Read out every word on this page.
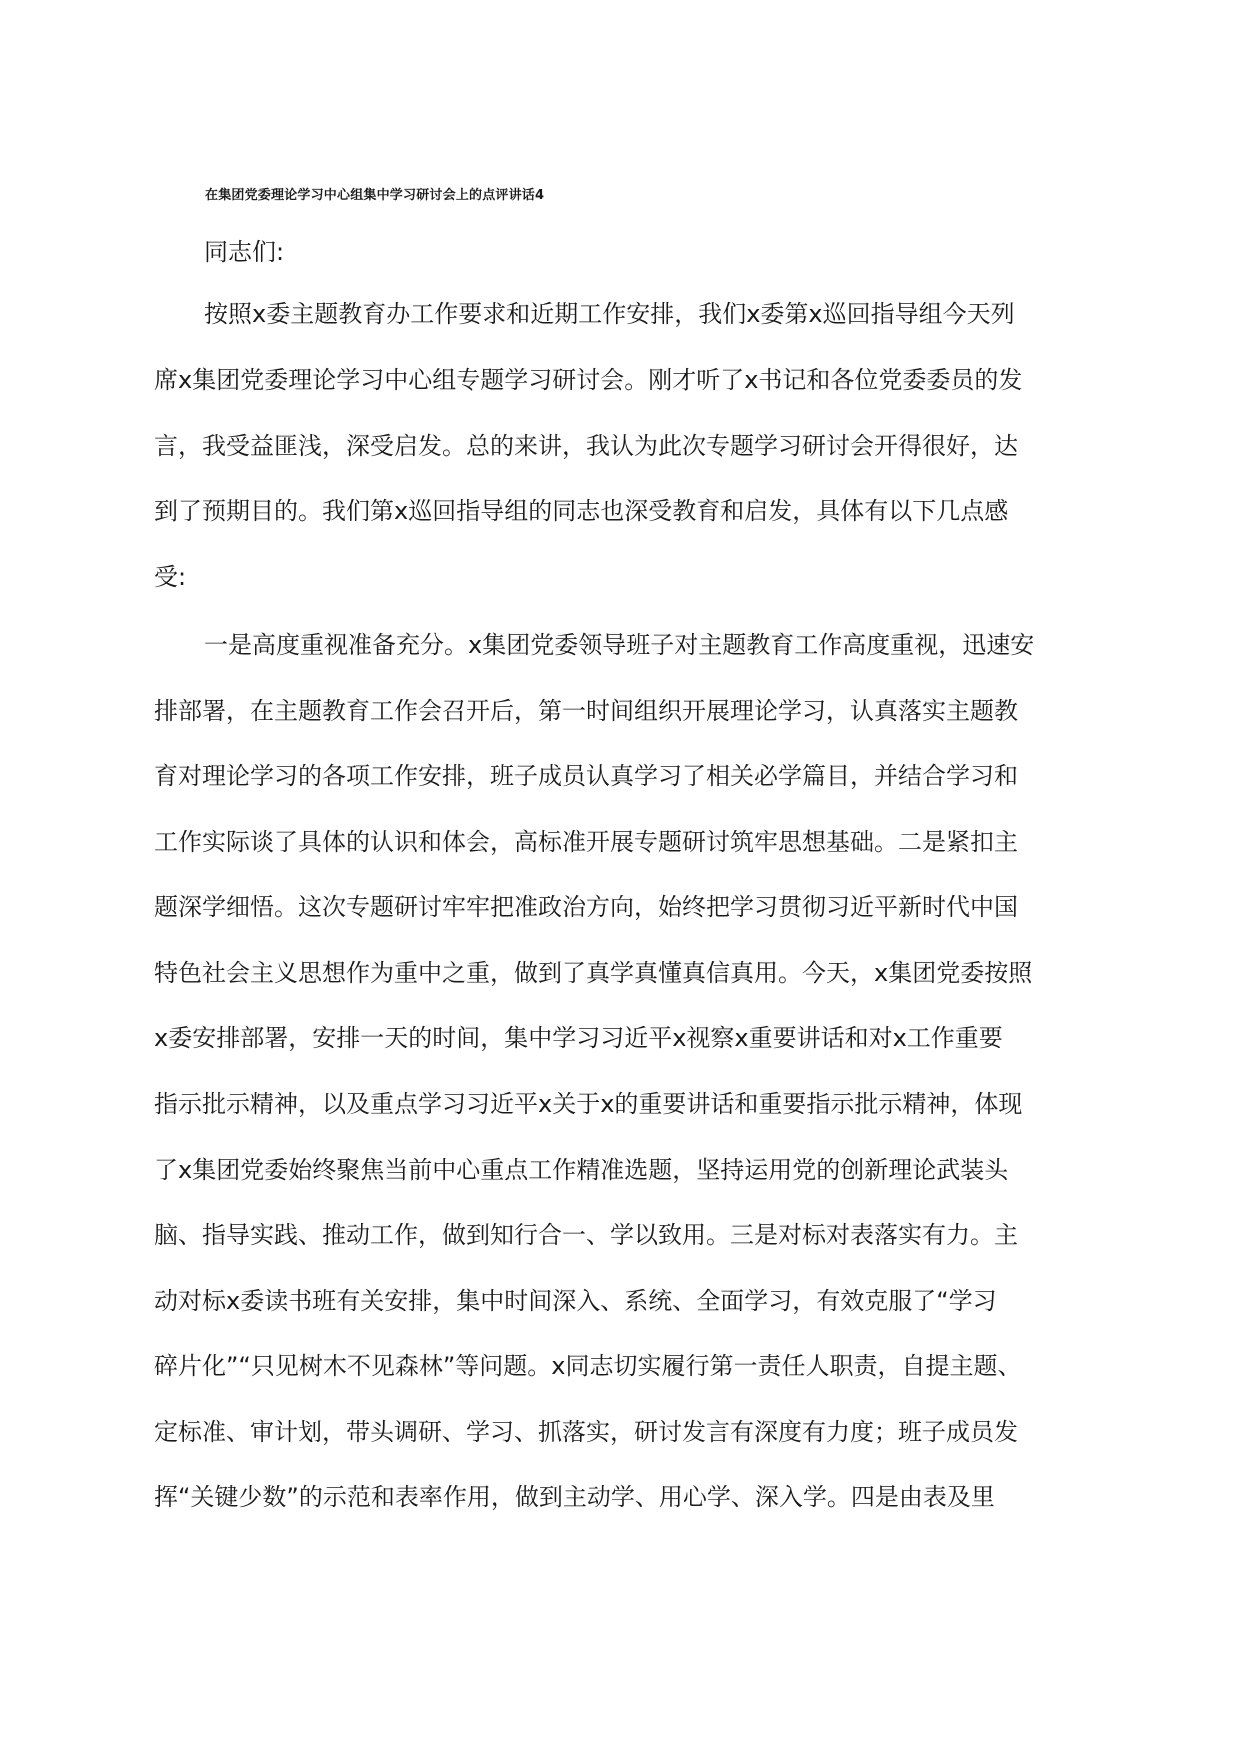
在集团党委理论学习中心组集中学习研讨会上的点评讲话4
同志们:
按照x委主题教育办工作要求和近期工作安排，我们x委第x巡回指导组今天列
席x集团党委理论学习中心组专题学习研讨会。刚才听了x书记和各位党委委员的发
言，我受益匪浅，深受启发。总的来讲，我认为此次专题学习研讨会开得很好，达
到了预期目的。我们第x巡回指导组的同志也深受教育和启发，具体有以下几点感
受:
一是高度重视准备充分。x集团党委领导班子对主题教育工作高度重视，迅速安
排部署，在主题教育工作会召开后，第一时间组织开展理论学习，认真落实主题教
育对理论学习的各项工作安排，班子成员认真学习了相关必学篇目，并结合学习和
工作实际谈了具体的认识和体会，高标准开展专题研讨筑牢思想基础。二是紧扣主
题深学细悟。这次专题研讨牢牢把准政治方向，始终把学习贯彻习近平新时代中国
特色社会主义思想作为重中之重，做到了真学真懂真信真用。今天，x集团党委按照
x委安排部署，安排一天的时间，集中学习习近平x视察x重要讲话和对x工作重要
指示批示精神，以及重点学习习近平x关于x的重要讲话和重要指示批示精神，体现
了x集团党委始终聚焦当前中心重点工作精准选题，坚持运用党的创新理论武装头
脑、指导实践、推动工作，做到知行合一、学以致用。三是对标对表落实有力。主
动对标x委读书班有关安排，集中时间深入、系统、全面学习，有效克服了“学习
碎片化”“只见树木不见森林”等问题。x同志切实履行第一责任人职责，自提主题、
定标准、审计划，带头调研、学习、抓落实，研讨发言有深度有力度；班子成员发
挥“关键少数”的示范和表率作用，做到主动学、用心学、深入学。四是由表及里
